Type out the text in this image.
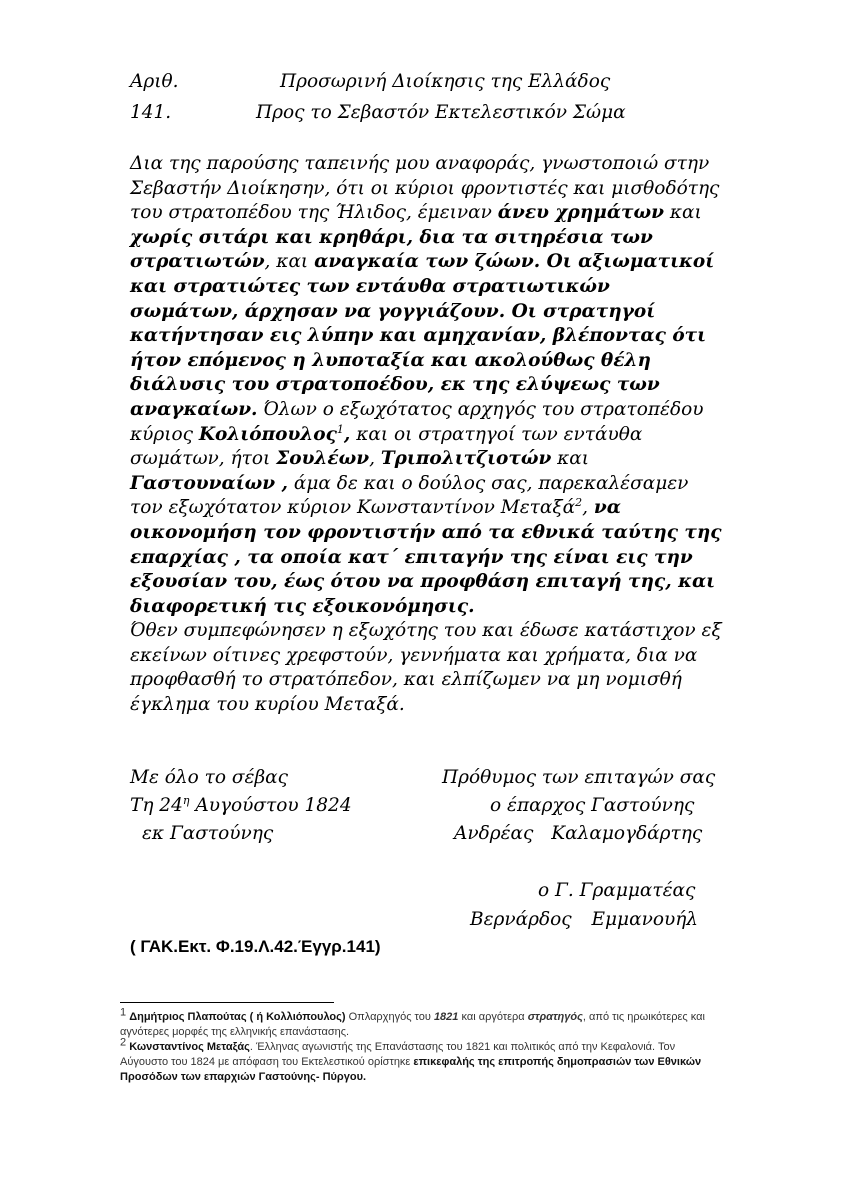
Αριθ.	Προσωρινή Διοίκησις της Ελλάδος
141.	Προς το Σεβαστόν Εκτελεστικόν Σώμα

Δια της παρούσης ταπεινής μου αναφοράς, γνωστοποιώ στην Σεβαστήν Διοίκησην, ότι οι κύριοι φροντιστές και μισθοδότης του στρατοπέδου της Ήλιδος, έμειναν άνευ χρημάτων και χωρίς σιτάρι και κρηθάρι, δια τα σιτηρέσια των στρατιωτών, και αναγκαία των ζώων. Οι αξιωματικοί και στρατιώτες των εντάυθα στρατιωτικών σωμάτων, άρχησαν να γογγιάζουν. Οι στρατηγοί κατήντησαν εις λύπην και αμηχανίαν, βλέποντας ότι ήτον επόμενος η λυποταξία και ακολούθως θέλη διάλυσις του στρατοποέδου, εκ της ελύψεως των αναγκαίων. Όλων ο εξωχότατος αρχηγός του στρατοπέδου κύριος Κολιόπουλος$^1$, και οι στρατηγοί των εντάυθα σωμάτων, ήτοι Σουλέων, Τριπολιτζιοτών και Γαστουναίων , άμα δε και ο δούλος σας, παρεκαλέσαμεν τον εξωχότατον κύριον Κωνσταντίνον Μεταξά$^2$, να οικονομήση τον φροντιστήν από τα εθνικά ταύτης της επαρχίας , τα οποία κατ΄ επιταγήν της είναι εις την εξουσίαν του, έως ότου να προφθάση επιταγή της, και διαφορετική τις εξοικονόμησις.

Όθεν συμπεφώνησεν η εξωχότης του και έδωσε κατάστιχον εξ εκείνων οίτινες χρεφστούν, γεννήματα και χρήματα, δια να προφθασθή το στρατόπεδον, και ελπίζωμεν να μη νομισθή έγκλημα του κυρίου Μεταξά.

Με όλο το σέβας	Πρόθυμος των επιταγών σας
Τη $24^\eta$ Αυγούστου 1824	ο έπαρχος Γαστούνης
εκ Γαστούνης	Ανδρέας Καλαμογδάρτης
ο Γ. Γραμματέας
Βερνάρδος Εμμανουήλ
( ΓΑΚ.Εκτ. Φ.19.Λ.42.Έγγρ.141)

$^1$ Δημήτριος Πλαπούτας ( ή Κολλιόπουλος) Οπλαρχηγός του 1821 και αργότερα στρατηγός, από τις ηρωικότερες και αγνότερες μορφές της ελληνικής επανάστασης.

$^2$ Κωνσταντίνος Μεταξάς. Έλληνας αγωνιστής της Επανάστασης του 1821 και πολιτικός από την Κεφαλονιά. Τον Αύγουστο του 1824 με απόφαση του Εκτελεστικού ορίστηκε επικεφαλής της επιτροπής δημοπρασιών των Εθνικών Προσόδων των επαρχιών Γαστούνης- Πύργου.
